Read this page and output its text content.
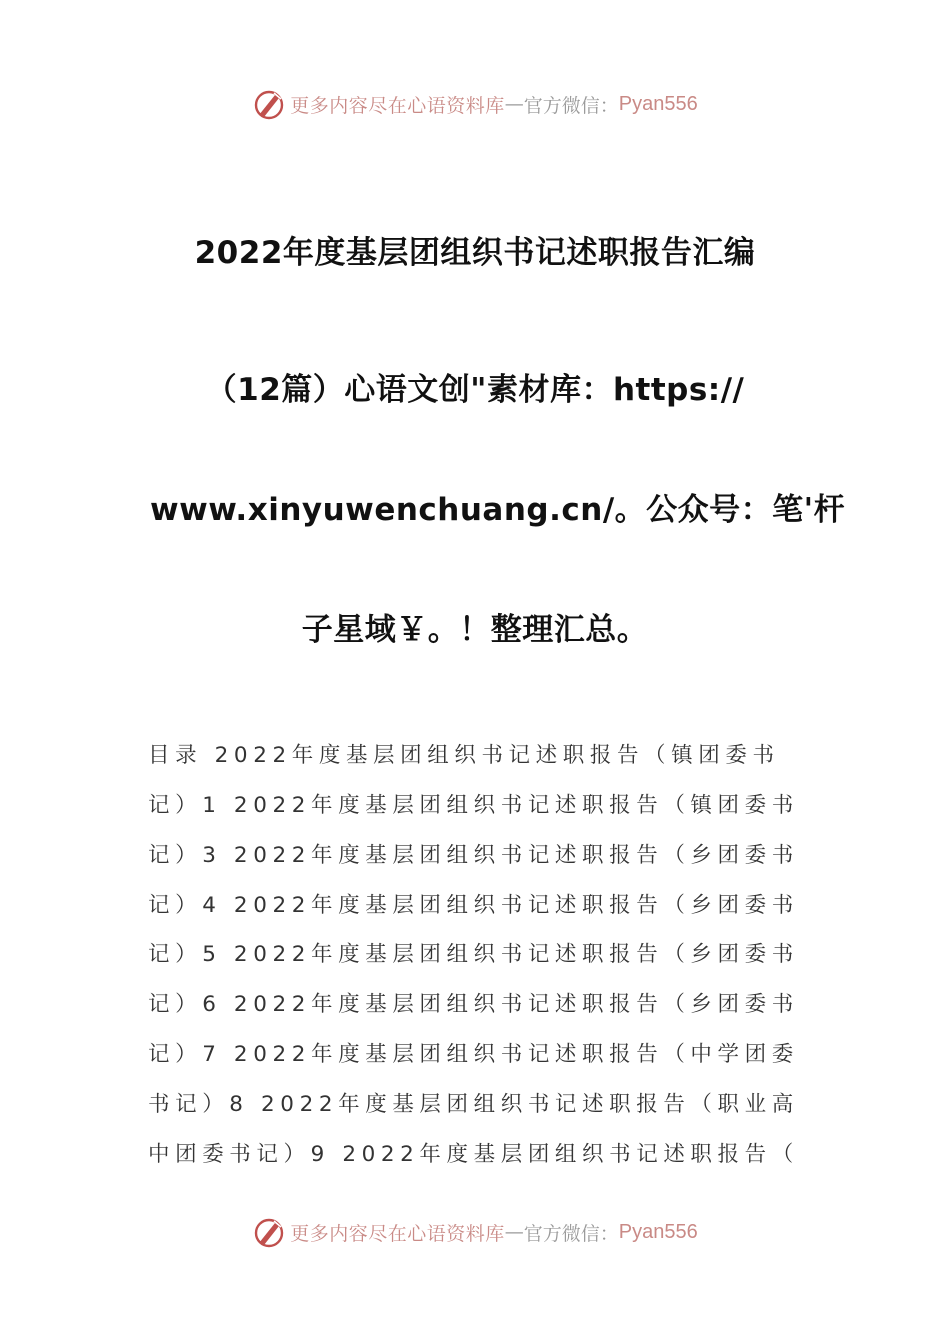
更多内容尽在心语资料库 — 官方微信： Pyan556
2022年度基层团组织书记述职报告汇编
（12篇）心语文创"素材库：https://
www.xinyuwenchuang.cn/。公众号：笔'杆
子星域￥。！整理汇总。
目录 2022年度基层团组织书记述职报告（镇团委书
记）1 2022年度基层团组织书记述职报告（镇团委书
记）3 2022年度基层团组织书记述职报告（乡团委书
记）4 2022年度基层团组织书记述职报告（乡团委书
记）5 2022年度基层团组织书记述职报告（乡团委书
记）6 2022年度基层团组织书记述职报告（乡团委书
记）7 2022年度基层团组织书记述职报告（中学团委
书记）8 2022年度基层团组织书记述职报告（职业高
中团委书记）9 2022年度基层团组织书记述职报告（
更多内容尽在心语资料库 — 官方微信： Pyan556
